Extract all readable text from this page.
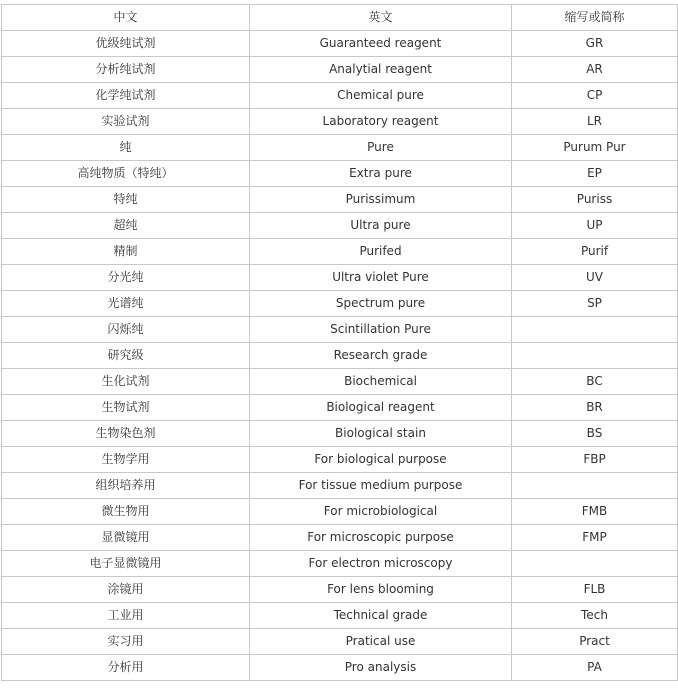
中文	英文	缩写或简称
优级纯试剂	Guaranteed reagent	GR
分析纯试剂	Analytial reagent	AR
化学纯试剂	Chemical pure	CP
实验试剂	Laboratory reagent	LR
纯	Pure	Purum Pur
高纯物质（特纯）	Extra pure	EP
特纯	Purissimum	Puriss
超纯	Ultra pure	UP
精制	Purifed	Purif
分光纯	Ultra violet Pure	UV
光谱纯	Spectrum pure	SP
闪烁纯	Scintillation Pure	
研究级	Research grade	
生化试剂	Biochemical	BC
生物试剂	Biological reagent	BR
生物染色剂	Biological stain	BS
生物学用	For biological purpose	FBP
组织培养用	For tissue medium purpose	
微生物用	For microbiological	FMB
显微镜用	For microscopic purpose	FMP
电子显微镜用	For electron microscopy	
涂镜用	For lens blooming	FLB
工业用	Technical grade	Tech
实习用	Pratical use	Pract
分析用	Pro analysis	PA
